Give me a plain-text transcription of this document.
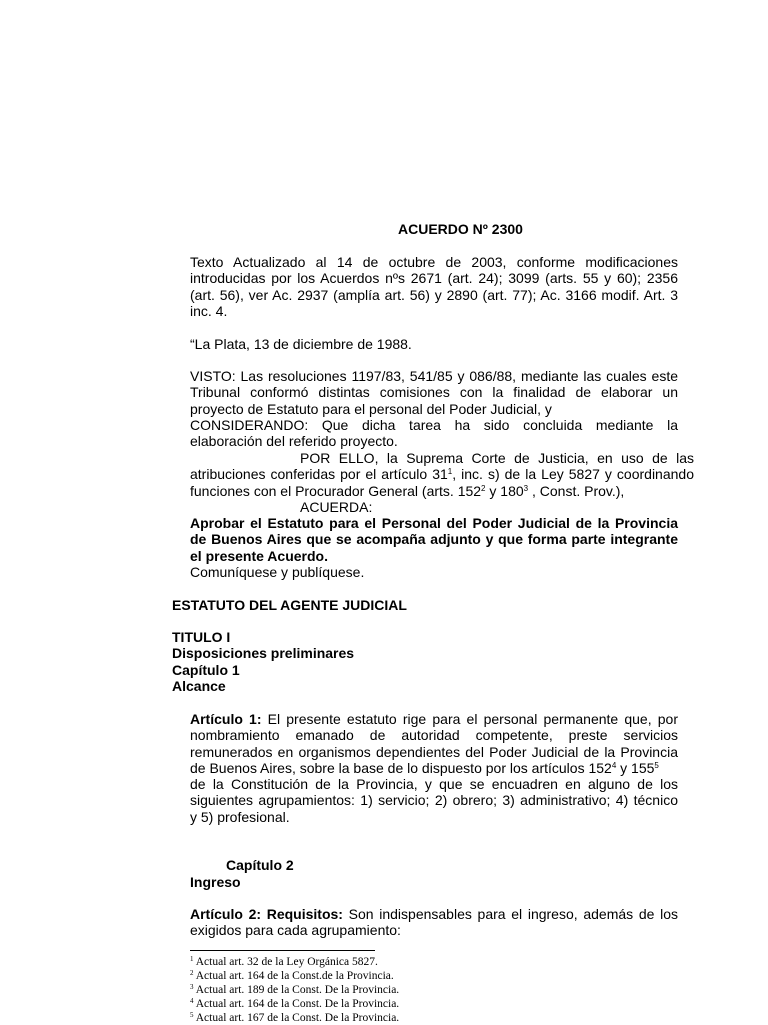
ACUERDO Nº 2300
Texto Actualizado al 14 de octubre de 2003, conforme modificaciones
introducidas por los Acuerdos nºs 2671 (art. 24); 3099 (arts. 55 y 60); 2356
(art. 56), ver Ac. 2937 (amplía art. 56) y 2890 (art. 77); Ac. 3166 modif. Art. 3
inc. 4.
“La Plata, 13 de diciembre de 1988.
VISTO: Las resoluciones 1197/83, 541/85 y 086/88, mediante las cuales este
Tribunal conformó distintas comisiones con la finalidad de elaborar un
proyecto de Estatuto para el personal del Poder Judicial, y
CONSIDERANDO: Que dicha tarea ha sido concluida mediante la
elaboración del referido proyecto.
POR ELLO, la Suprema Corte de Justicia, en uso de las
atribuciones conferidas por el artículo $31^1$, inc. s) de la Ley 5827 y coordinando
funciones con el Procurador General (arts. $152^2$ y $180^3$ , Const. Prov.),
ACUERDA:
Aprobar el Estatuto para el Personal del Poder Judicial de la Provincia
de Buenos Aires que se acompaña adjunto y que forma parte integrante
el presente Acuerdo.
Comuníquese y publíquese.
ESTATUTO DEL AGENTE JUDICIAL
TITULO I
Disposiciones preliminares
Capítulo 1
Alcance
Artículo 1: El presente estatuto rige para el personal permanente que, por
nombramiento emanado de autoridad competente, preste servicios
remunerados en organismos dependientes del Poder Judicial de la Provincia
de Buenos Aires, sobre la base de lo dispuesto por los artículos $152^4$ y $155^5$
de la Constitución de la Provincia, y que se encuadren en alguno de los
siguientes agrupamientos: 1) servicio; 2) obrero; 3) administrativo; 4) técnico
y 5) profesional.
Capítulo 2
Ingreso
Artículo 2: Requisitos: Son indispensables para el ingreso, además de los
exigidos para cada agrupamiento:
$^1$ Actual art. 32 de la Ley Orgánica 5827.
$^2$ Actual art. 164 de la Const.de la Provincia.
$^3$ Actual art. 189 de la Const. De la Provincia.
$^4$ Actual art. 164 de la Const. De la Provincia.
$^5$ Actual art. 167 de la Const. De la Provincia.
